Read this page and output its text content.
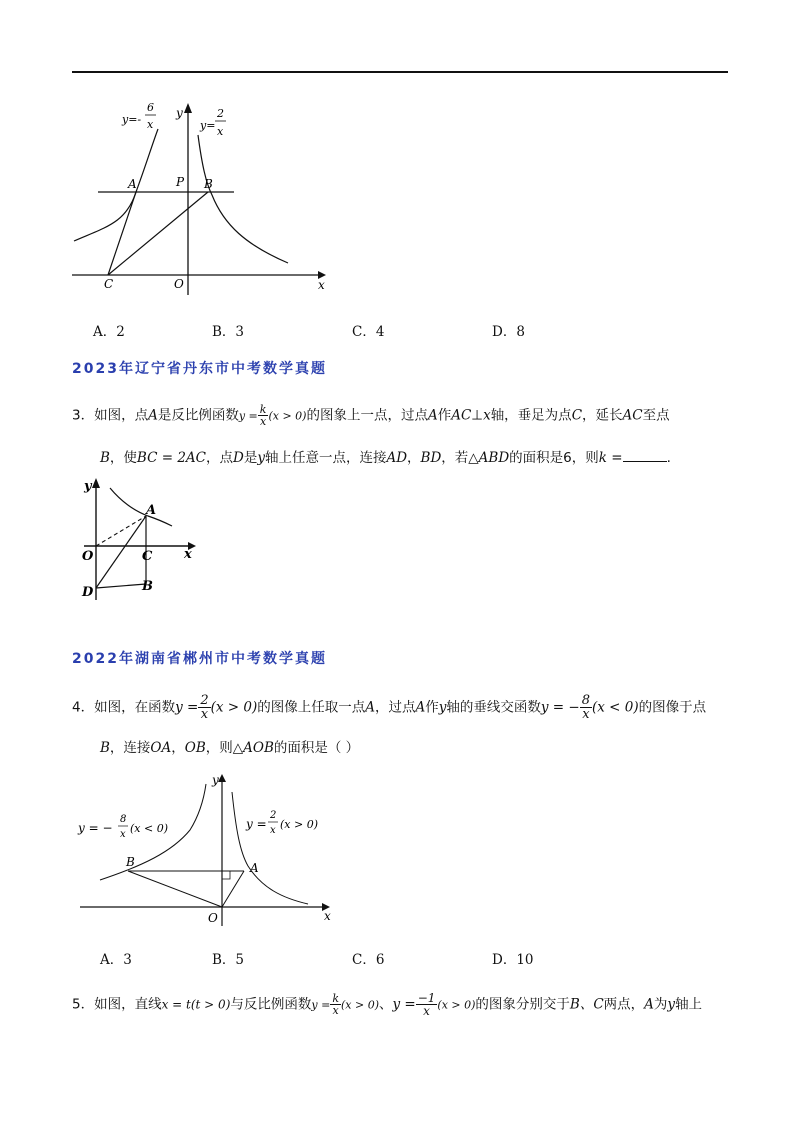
y=-
6
x	y=
2
x
y
A	P B
C	O	x
A．2	B．3	C．4	D．8
2023年辽宁省丹东市中考数学真题
3．如图，点A是反比例函数$y = \frac{k}{x} (x > 0)$的图象上一点，过点A作AC⊥x轴，垂足为点C，延长AC至点
B，使BC = 2AC，点D是y轴上任意一点，连接AD，BD，若△ABD的面积是6，则k =	.
y
A
O	C x
D	B
2022年湖南省郴州市中考数学真题
4．如图，在函数$y = \frac{2}{x} (x > 0)$的图像上任取一点A，过点A作y轴的垂线交函数y = − $\frac{8}{x} (x < 0)$的图像于点
B，连接OA，OB，则△AOB的面积是（ ）
y
y = −
8
x (x < 0)	y =
2
x (x > 0)
B	A
O	x
A．3	B．5	C．6	D．10
5．如图，直线x = t(t > 0)与反比例函数$y = \frac{k}{x} (x > 0)$、$y = \frac{-1}{x} (x > 0)$的图象分别交于B、C两点，A为y轴上
